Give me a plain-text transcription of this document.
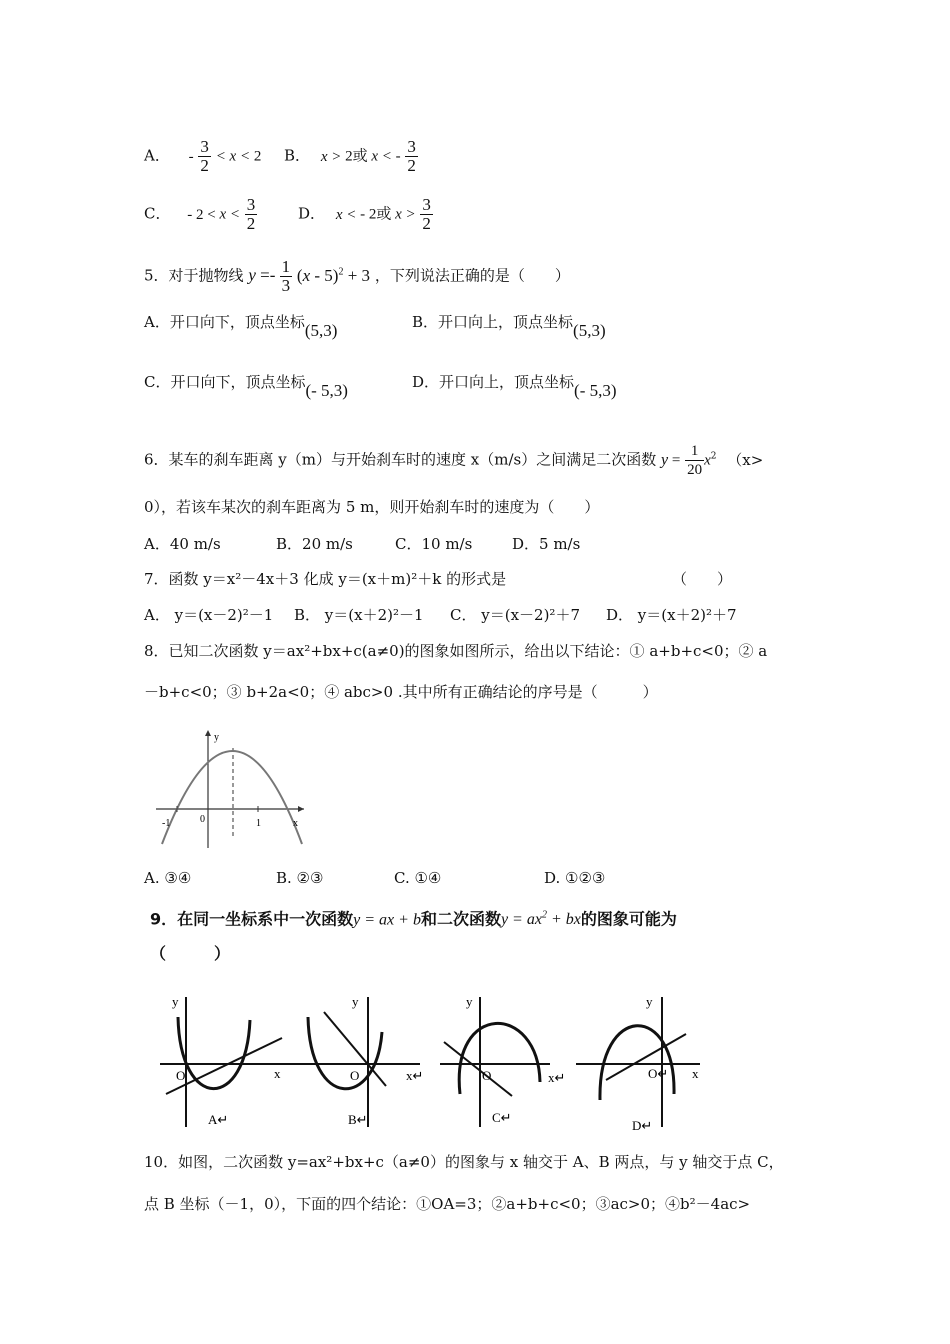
A． - $\frac{3}{2} < x < 2$ B． x > 2或 x < - $\frac{3}{2}$
C． - $2 < x < \frac{3}{2}$	D． x < - 2或 $x > \frac{3}{2}$
5．对于抛物线 $y =- \frac{1}{3} (x - 5)^2 + 3$ ，下列说法正确的是（　　）
A．开口向下，顶点坐标(5,3)	B．开口向上，顶点坐标(5,3)
C．开口向下，顶点坐标(- 5,3)	D．开口向上，顶点坐标(- 5,3)
6．某车的刹车距离 y（m）与开始刹车时的速度 x（m/s）之间满足二次函数 $y = \frac{1}{20} x^2$ （x>
0），若该车某次的刹车距离为 5 m，则开始刹车时的速度为（　　）
A．40 m/s	B．20 m/s	C．10 m/s	D．5 m/s
7．函数 y＝x²－4x＋3 化成 y＝(x＋m)²＋k 的形式是	（　　）
A． y＝(x－2)²－1 B． y＝(x＋2)²－1 C． y＝(x－2)²＋7 D． y＝(x＋2)²＋7
8．已知二次函数 y＝ax²+bx+c(a≠0)的图象如图所示，给出以下结论：① a+b+c<0；② a
－b+c<0；③ b+2a<0；④ abc>0 .其中所有正确结论的序号是（　　　）
y
x
-1	0	1
A. ③④	B. ②③	C. ①④	D. ①②③
9．在同一坐标系中一次函数y = ax + b和二次函数$y = ax^2$ + bx的图象可能为
（　　　）
y
x
O
A↵
y
x↵
O
B↵
y
x↵
O
C↵
y
x
O↵
D↵
10．如图，二次函数 y=ax²+bx+c（a≠0）的图象与 x 轴交于 A、B 两点，与 y 轴交于点 C，
点 B 坐标（－1，0），下面的四个结论：①OA=3；②a+b+c<0；③ac>0；④b²－4ac>
